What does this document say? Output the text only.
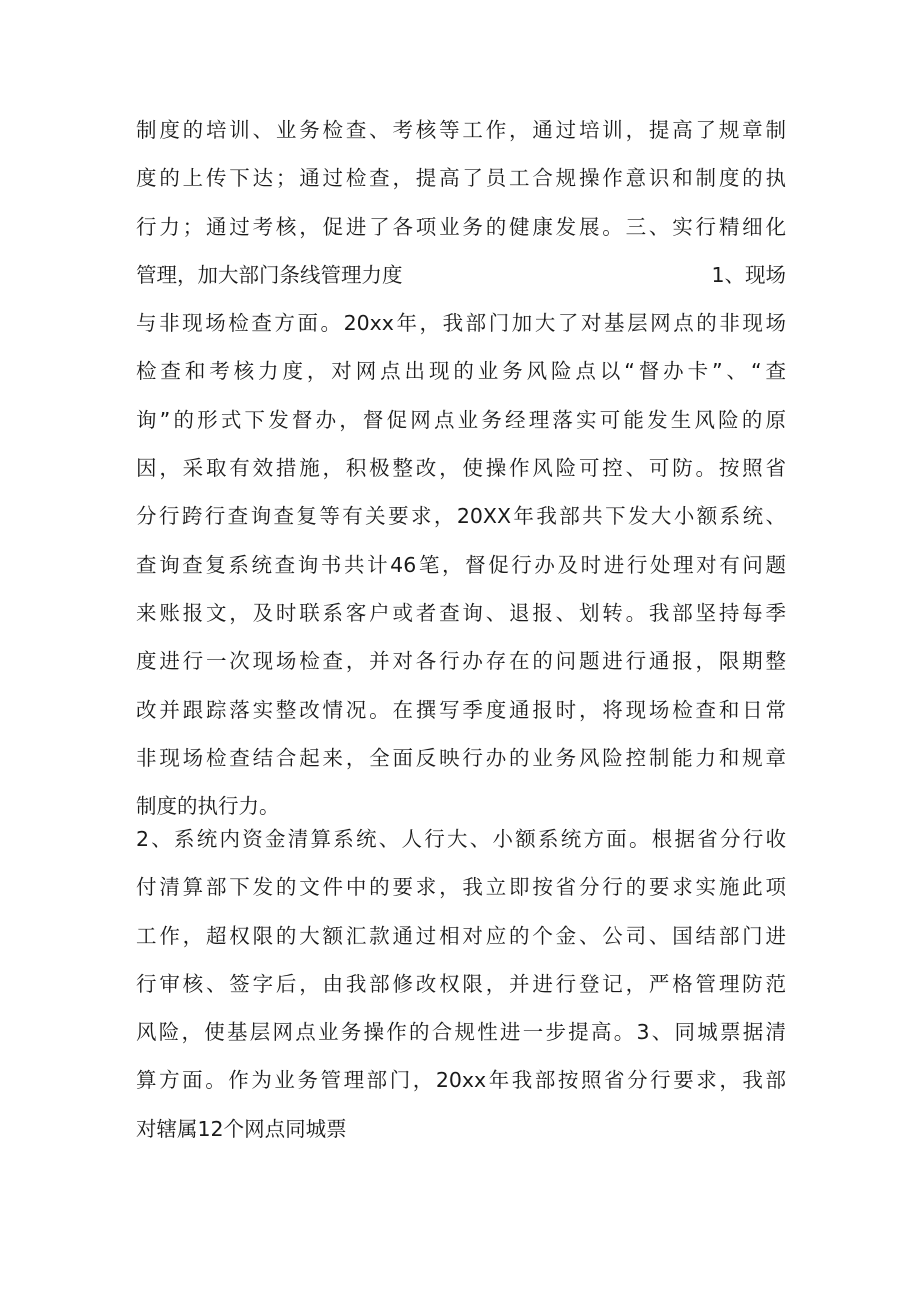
制度的培训、业务检查、考核等工作，通过培训，提高了规章制
度的上传下达；通过检查，提高了员工合规操作意识和制度的执
行力；通过考核，促进了各项业务的健康发展。三、实行精细化
管理，加大部门条线管理力度	1、现场
与非现场检查方面。20xx年，我部门加大了对基层网点的非现场
检查和考核力度，对网点出现的业务风险点以“督办卡”、“查
询”的形式下发督办，督促网点业务经理落实可能发生风险的原
因，采取有效措施，积极整改，使操作风险可控、可防。按照省
分行跨行查询查复等有关要求，20XX年我部共下发大小额系统、
查询查复系统查询书共计46笔，督促行办及时进行处理对有问题
来账报文，及时联系客户或者查询、退报、划转。我部坚持每季
度进行一次现场检查，并对各行办存在的问题进行通报，限期整
改并跟踪落实整改情况。在撰写季度通报时，将现场检查和日常
非现场检查结合起来，全面反映行办的业务风险控制能力和规章
制度的执行力。
2、系统内资金清算系统、人行大、小额系统方面。根据省分行收
付清算部下发的文件中的要求，我立即按省分行的要求实施此项
工作，超权限的大额汇款通过相对应的个金、公司、国结部门进
行审核、签字后，由我部修改权限，并进行登记，严格管理防范
风险，使基层网点业务操作的合规性进一步提高。3、同城票据清
算方面。作为业务管理部门，20xx年我部按照省分行要求，我部
对辖属12个网点同城票
